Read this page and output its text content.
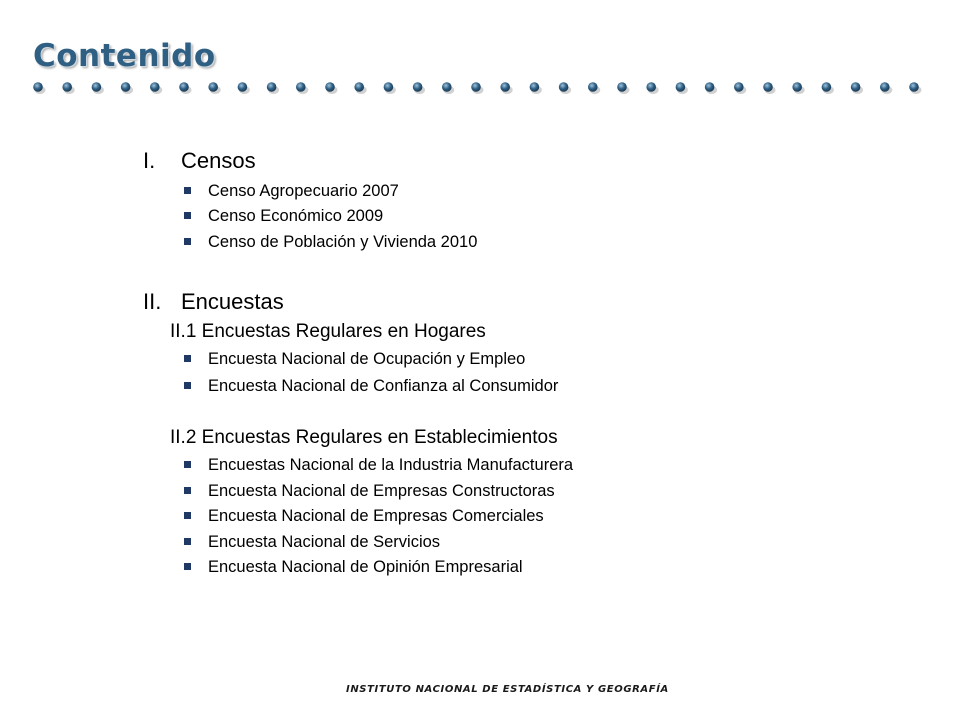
Contenido
I. Censos
Censo Agropecuario 2007
Censo Económico 2009
Censo de Población y Vivienda 2010
II. Encuestas
II.1 Encuestas Regulares en Hogares
Encuesta Nacional de Ocupación y Empleo
Encuesta Nacional de Confianza al Consumidor
II.2 Encuestas Regulares en Establecimientos
Encuestas Nacional de la Industria Manufacturera
Encuesta Nacional de Empresas Constructoras
Encuesta Nacional de Empresas Comerciales
Encuesta Nacional de Servicios
Encuesta Nacional de Opinión Empresarial
INSTITUTO NACIONAL DE ESTADÍSTICA Y GEOGRAFÍA
